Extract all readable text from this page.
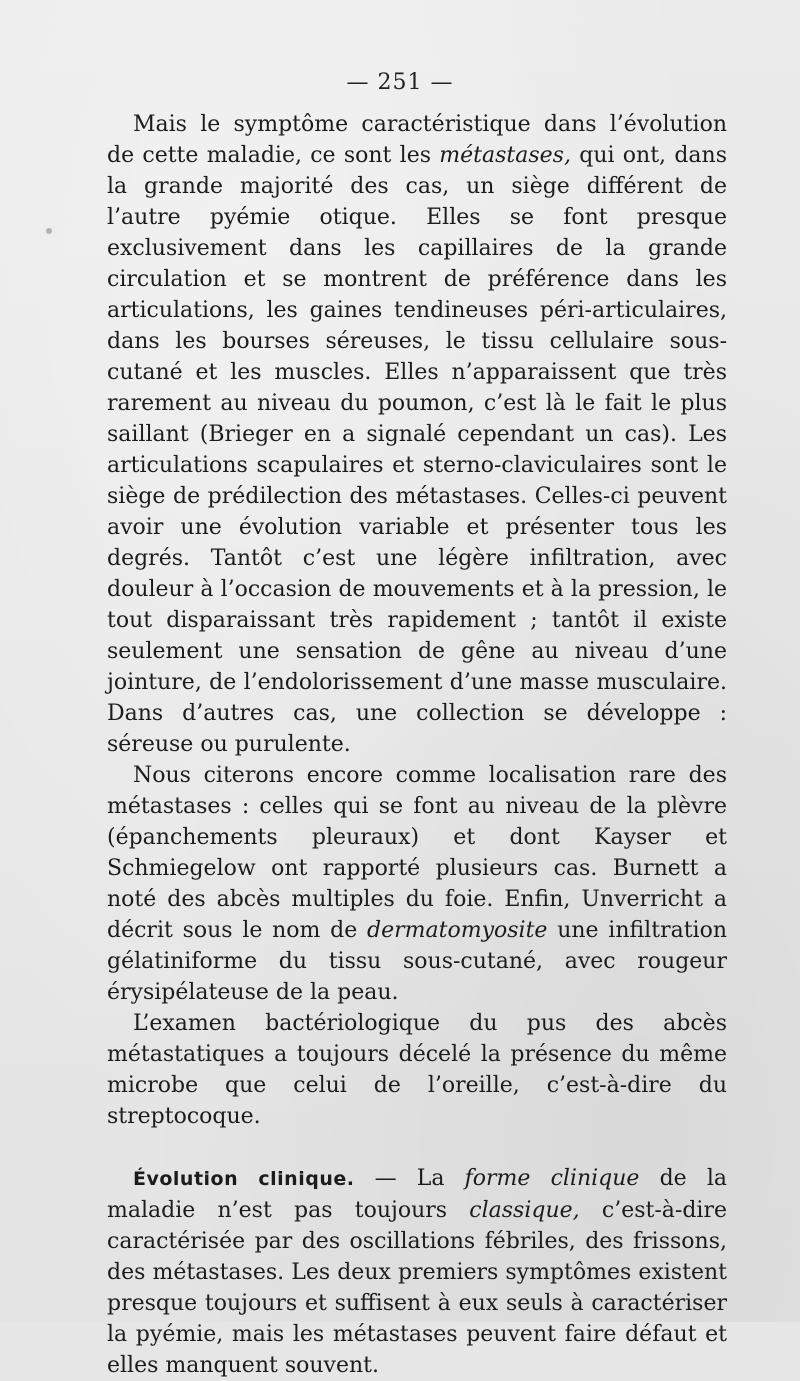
— 251 —

Mais le symptôme caractéristique dans l’évolution de cette maladie, ce sont les métastases, qui ont, dans la grande majorité des cas, un siège différent de l’autre pyémie otique. Elles se font presque exclusivement dans les capillaires de la grande circulation et se montrent de préférence dans les articulations, les gaines tendineuses péri-articulaires, dans les bourses séreuses, le tissu cellulaire sous-cutané et les muscles. Elles n’apparaissent que très rarement au niveau du poumon, c’est là le fait le plus saillant (Brieger en a signalé cependant un cas). Les articulations scapulaires et sterno-claviculaires sont le siège de prédilection des métastases. Celles-ci peuvent avoir une évolution variable et présenter tous les degrés. Tantôt c’est une légère infiltration, avec douleur à l’occasion de mouvements et à la pression, le tout disparaissant très rapidement ; tantôt il existe seulement une sensation de gêne au niveau d’une jointure, de l’endolorissement d’une masse musculaire. Dans d’autres cas, une collection se développe : séreuse ou purulente.

Nous citerons encore comme localisation rare des métastases : celles qui se font au niveau de la plèvre (épanchements pleuraux) et dont Kayser et Schmiegelow ont rapporté plusieurs cas. Burnett a noté des abcès multiples du foie. Enfin, Unverricht a décrit sous le nom de dermatomyosite une infiltration gélatiniforme du tissu sous-cutané, avec rougeur érysipélateuse de la peau.

L’examen bactériologique du pus des abcès métastatiques a toujours décelé la présence du même microbe que celui de l’oreille, c’est-à-dire du streptocoque.

Évolution clinique. — La forme clinique de la maladie n’est pas toujours classique, c’est-à-dire caractérisée par des oscillations fébriles, des frissons, des métastases. Les deux premiers symptômes existent presque toujours et suffisent à eux seuls à caractériser la pyémie, mais les métastases peuvent faire défaut et elles manquent souvent.
